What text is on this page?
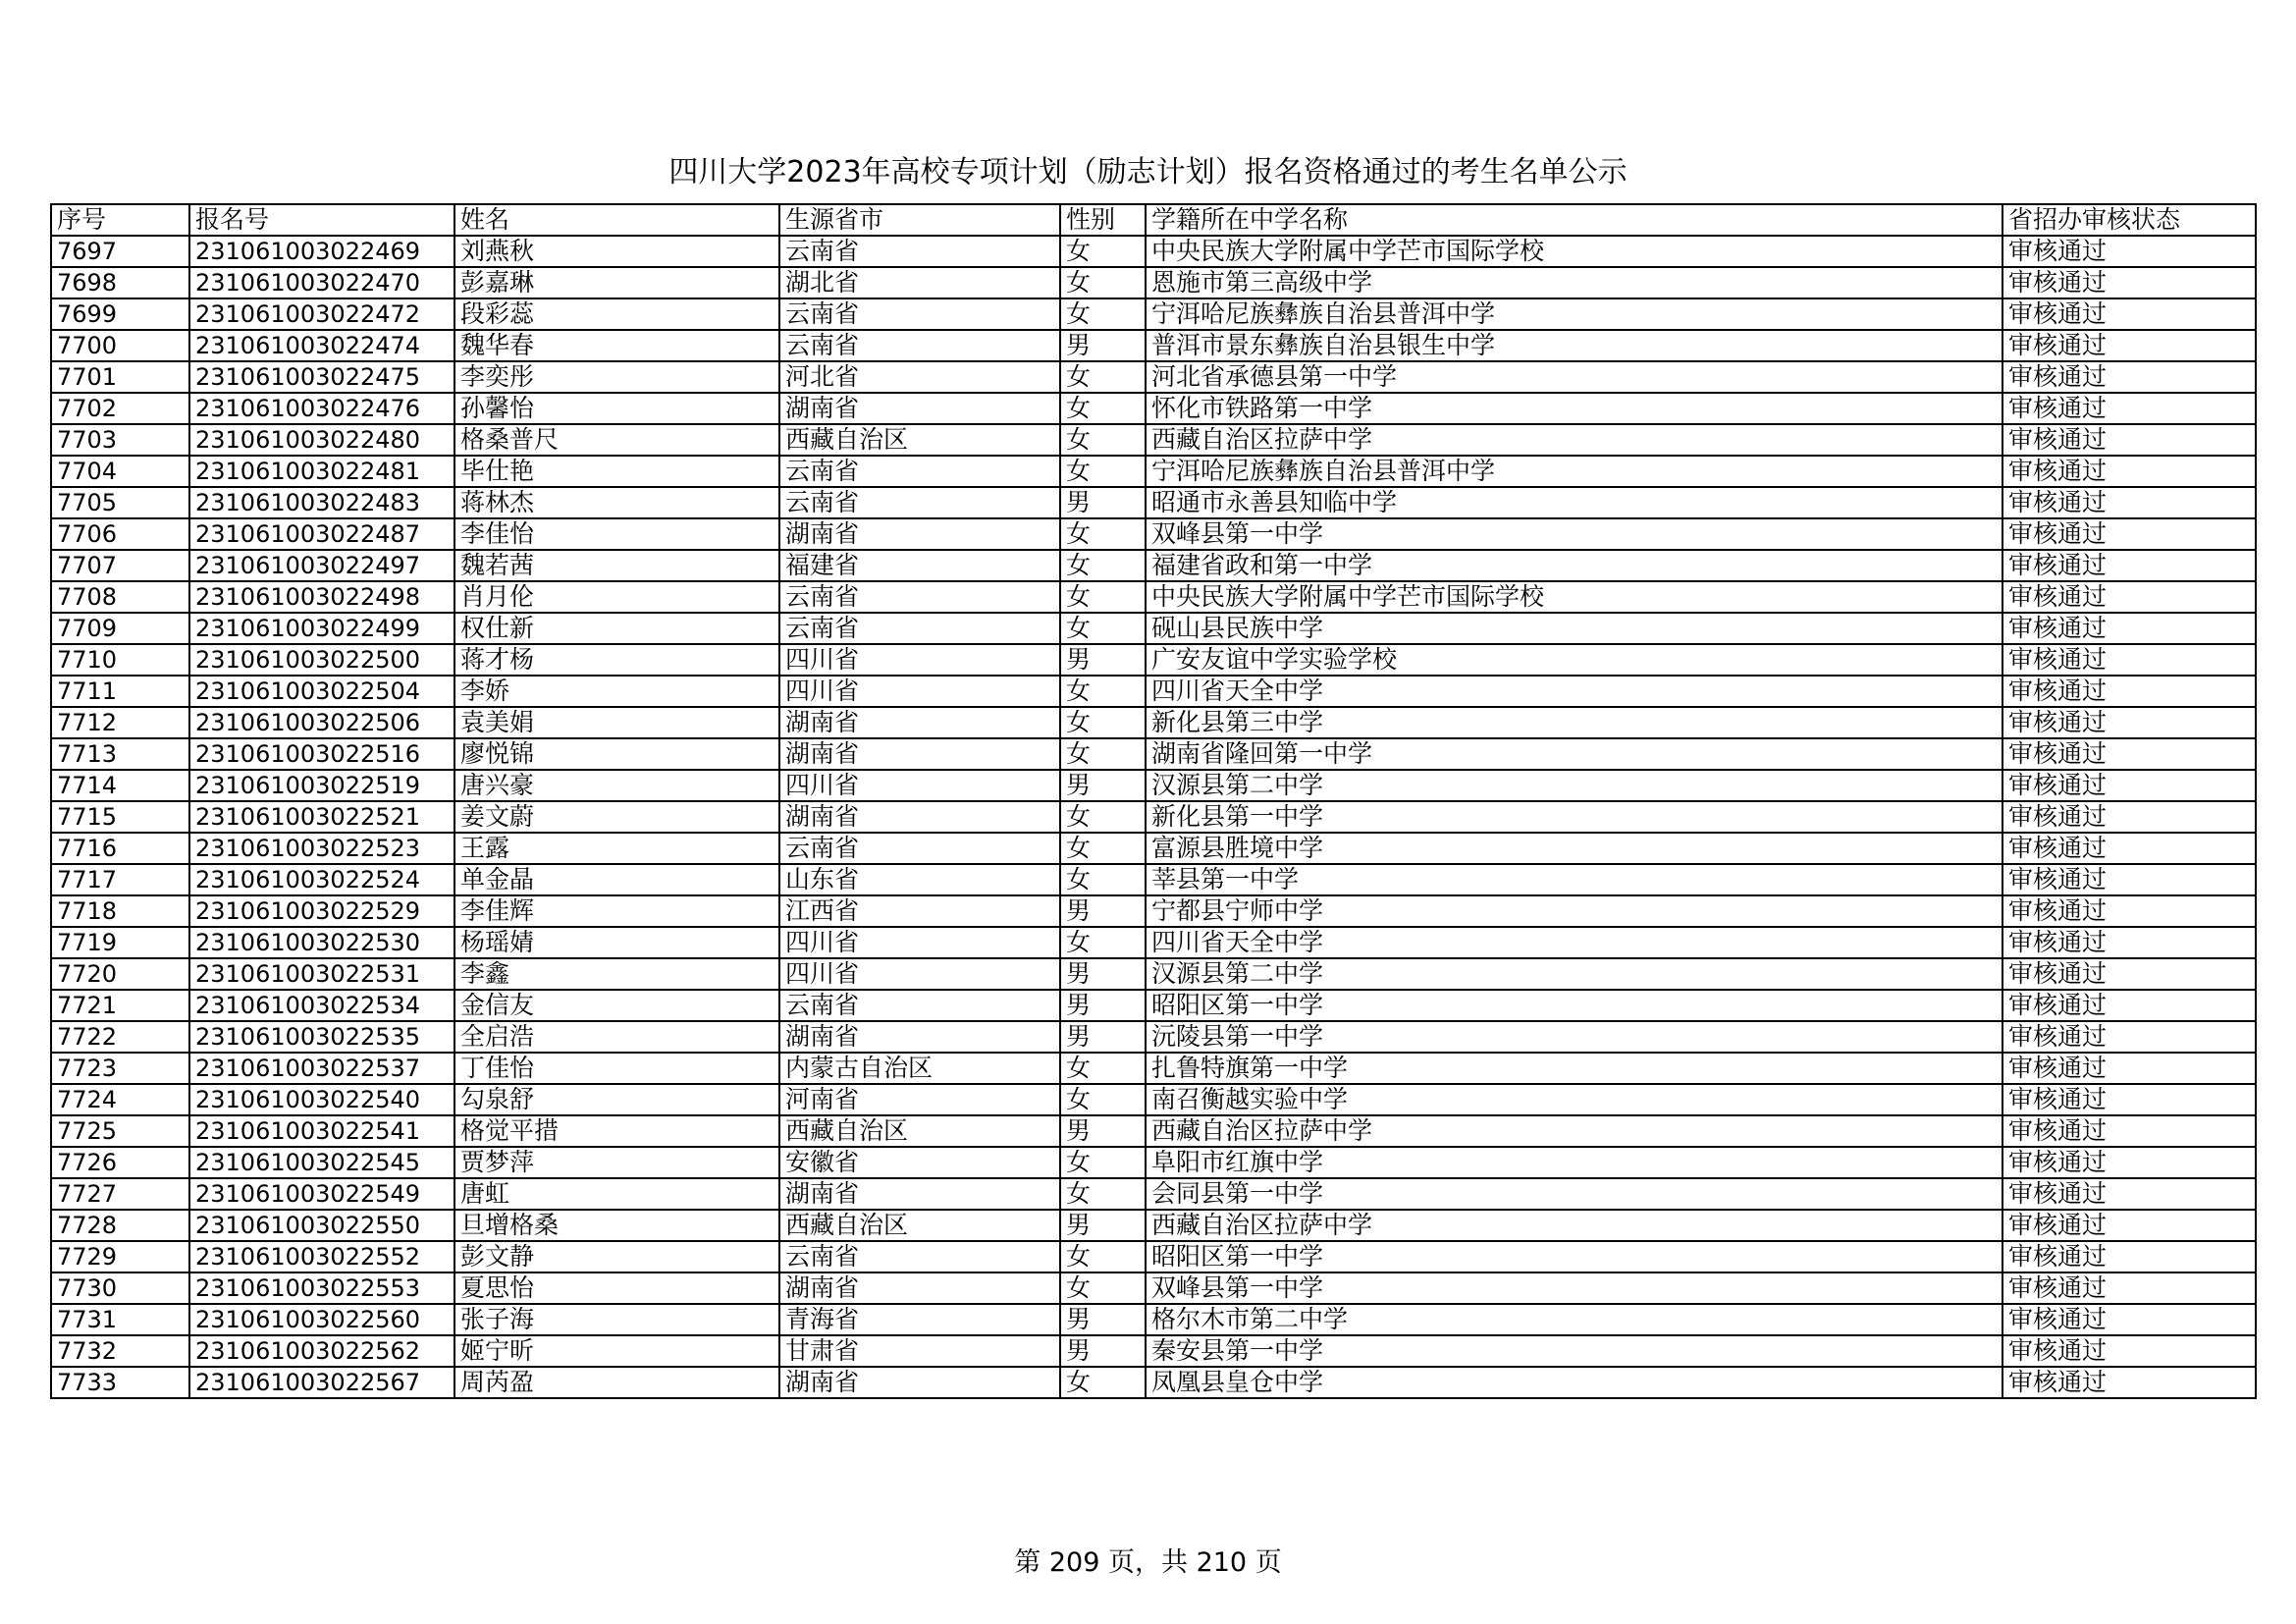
四川大学2023年高校专项计划（励志计划）报名资格通过的考生名单公示
序号	报名号	姓名	生源省市	性别	学籍所在中学名称	省招办审核状态
7697	231061003022469	刘燕秋	云南省	女	中央民族大学附属中学芒市国际学校	审核通过
7698	231061003022470	彭嘉琳	湖北省	女	恩施市第三高级中学	审核通过
7699	231061003022472	段彩蕊	云南省	女	宁洱哈尼族彝族自治县普洱中学	审核通过
7700	231061003022474	魏华春	云南省	男	普洱市景东彝族自治县银生中学	审核通过
7701	231061003022475	李奕彤	河北省	女	河北省承德县第一中学	审核通过
7702	231061003022476	孙馨怡	湖南省	女	怀化市铁路第一中学	审核通过
7703	231061003022480	格桑普尺	西藏自治区	女	西藏自治区拉萨中学	审核通过
7704	231061003022481	毕仕艳	云南省	女	宁洱哈尼族彝族自治县普洱中学	审核通过
7705	231061003022483	蒋林杰	云南省	男	昭通市永善县知临中学	审核通过
7706	231061003022487	李佳怡	湖南省	女	双峰县第一中学	审核通过
7707	231061003022497	魏若茜	福建省	女	福建省政和第一中学	审核通过
7708	231061003022498	肖月伦	云南省	女	中央民族大学附属中学芒市国际学校	审核通过
7709	231061003022499	权仕新	云南省	女	砚山县民族中学	审核通过
7710	231061003022500	蒋才杨	四川省	男	广安友谊中学实验学校	审核通过
7711	231061003022504	李娇	四川省	女	四川省天全中学	审核通过
7712	231061003022506	袁美娟	湖南省	女	新化县第三中学	审核通过
7713	231061003022516	廖悦锦	湖南省	女	湖南省隆回第一中学	审核通过
7714	231061003022519	唐兴豪	四川省	男	汉源县第二中学	审核通过
7715	231061003022521	姜文蔚	湖南省	女	新化县第一中学	审核通过
7716	231061003022523	王露	云南省	女	富源县胜境中学	审核通过
7717	231061003022524	单金晶	山东省	女	莘县第一中学	审核通过
7718	231061003022529	李佳辉	江西省	男	宁都县宁师中学	审核通过
7719	231061003022530	杨瑶婧	四川省	女	四川省天全中学	审核通过
7720	231061003022531	李鑫	四川省	男	汉源县第二中学	审核通过
7721	231061003022534	金信友	云南省	男	昭阳区第一中学	审核通过
7722	231061003022535	全启浩	湖南省	男	沅陵县第一中学	审核通过
7723	231061003022537	丁佳怡	内蒙古自治区	女	扎鲁特旗第一中学	审核通过
7724	231061003022540	勾泉舒	河南省	女	南召衡越实验中学	审核通过
7725	231061003022541	格觉平措	西藏自治区	男	西藏自治区拉萨中学	审核通过
7726	231061003022545	贾梦萍	安徽省	女	阜阳市红旗中学	审核通过
7727	231061003022549	唐虹	湖南省	女	会同县第一中学	审核通过
7728	231061003022550	旦增格桑	西藏自治区	男	西藏自治区拉萨中学	审核通过
7729	231061003022552	彭文静	云南省	女	昭阳区第一中学	审核通过
7730	231061003022553	夏思怡	湖南省	女	双峰县第一中学	审核通过
7731	231061003022560	张子海	青海省	男	格尔木市第二中学	审核通过
7732	231061003022562	姬宁昕	甘肃省	男	秦安县第一中学	审核通过
7733	231061003022567	周芮盈	湖南省	女	凤凰县皇仓中学	审核通过
第 209 页，共 210 页
